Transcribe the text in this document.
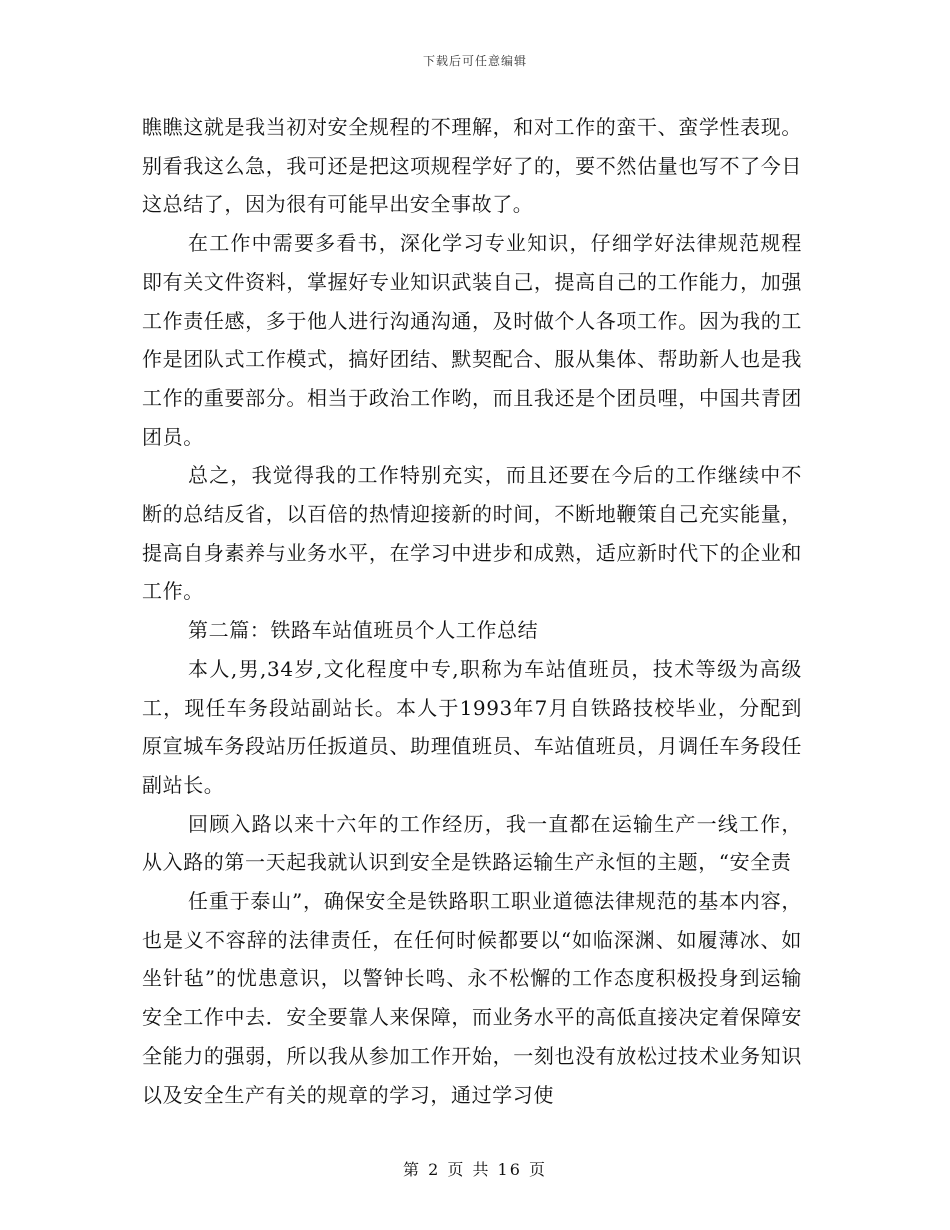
下载后可任意编辑

瞧瞧这就是我当初对安全规程的不理解，和对工作的蛮干、蛮学性表现。别看我这么急，我可还是把这项规程学好了的，要不然估量也写不了今日这总结了，因为很有可能早出安全事故了。

在工作中需要多看书，深化学习专业知识，仔细学好法律规范规程即有关文件资料，掌握好专业知识武装自己，提高自己的工作能力，加强工作责任感，多于他人进行沟通沟通，及时做个人各项工作。因为我的工作是团队式工作模式，搞好团结、默契配合、服从集体、帮助新人也是我工作的重要部分。相当于政治工作哟，而且我还是个团员哩，中国共青团团员。

总之，我觉得我的工作特别充实，而且还要在今后的工作继续中不断的总结反省，以百倍的热情迎接新的时间，不断地鞭策自己充实能量，提高自身素养与业务水平，在学习中进步和成熟，适应新时代下的企业和工作。

第二篇：铁路车站值班员个人工作总结

本人,男,34岁,文化程度中专,职称为车站值班员，技术等级为高级工，现任车务段站副站长。本人于1993年7月自铁路技校毕业，分配到原宣城车务段站历任扳道员、助理值班员、车站值班员，月调任车务段任副站长。

回顾入路以来十六年的工作经历，我一直都在运输生产一线工作，从入路的第一天起我就认识到安全是铁路运输生产永恒的主题，“安全责

任重于泰山”，确保安全是铁路职工职业道德法律规范的基本内容，也是义不容辞的法律责任，在任何时候都要以“如临深渊、如履薄冰、如坐针毡”的忧患意识，以警钟长鸣、永不松懈的工作态度积极投身到运输安全工作中去．安全要靠人来保障，而业务水平的高低直接决定着保障安全能力的强弱，所以我从参加工作开始，一刻也没有放松过技术业务知识以及安全生产有关的规章的学习，通过学习使

第 2 页 共 16 页
